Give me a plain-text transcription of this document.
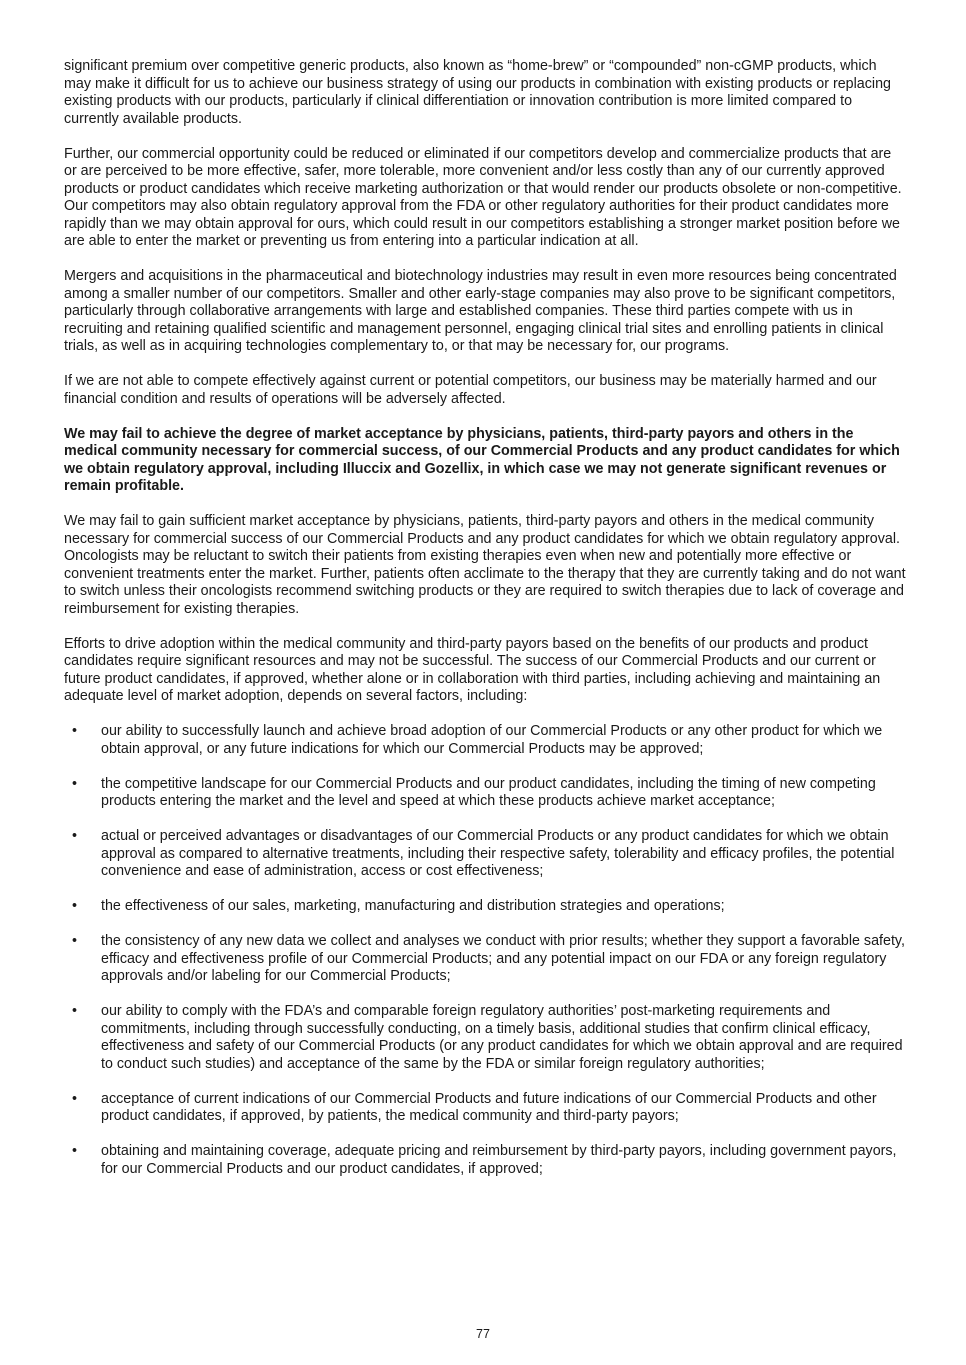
significant premium over competitive generic products, also known as “home-brew” or “compounded” non-cGMP products, which may make it difficult for us to achieve our business strategy of using our products in combination with existing products or replacing existing products with our products, particularly if clinical differentiation or innovation contribution is more limited compared to currently available products.

Further, our commercial opportunity could be reduced or eliminated if our competitors develop and commercialize products that are or are perceived to be more effective, safer, more tolerable, more convenient and/or less costly than any of our currently approved products or product candidates which receive marketing authorization or that would render our products obsolete or non-competitive. Our competitors may also obtain regulatory approval from the FDA or other regulatory authorities for their product candidates more rapidly than we may obtain approval for ours, which could result in our competitors establishing a stronger market position before we are able to enter the market or preventing us from entering into a particular indication at all.

Mergers and acquisitions in the pharmaceutical and biotechnology industries may result in even more resources being concentrated among a smaller number of our competitors. Smaller and other early-stage companies may also prove to be significant competitors, particularly through collaborative arrangements with large and established companies. These third parties compete with us in recruiting and retaining qualified scientific and management personnel, engaging clinical trial sites and enrolling patients in clinical trials, as well as in acquiring technologies complementary to, or that may be necessary for, our programs.

If we are not able to compete effectively against current or potential competitors, our business may be materially harmed and our financial condition and results of operations will be adversely affected.

We may fail to achieve the degree of market acceptance by physicians, patients, third-party payors and others in the medical community necessary for commercial success, of our Commercial Products and any product candidates for which we obtain regulatory approval, including Illuccix and Gozellix, in which case we may not generate significant revenues or remain profitable.

We may fail to gain sufficient market acceptance by physicians, patients, third-party payors and others in the medical community necessary for commercial success of our Commercial Products and any product candidates for which we obtain regulatory approval. Oncologists may be reluctant to switch their patients from existing therapies even when new and potentially more effective or convenient treatments enter the market. Further, patients often acclimate to the therapy that they are currently taking and do not want to switch unless their oncologists recommend switching products or they are required to switch therapies due to lack of coverage and reimbursement for existing therapies.

Efforts to drive adoption within the medical community and third-party payors based on the benefits of our products and product candidates require significant resources and may not be successful. The success of our Commercial Products and our current or future product candidates, if approved, whether alone or in collaboration with third parties, including achieving and maintaining an adequate level of market adoption, depends on several factors, including:

• our ability to successfully launch and achieve broad adoption of our Commercial Products or any other product for which we obtain approval, or any future indications for which our Commercial Products may be approved;
• the competitive landscape for our Commercial Products and our product candidates, including the timing of new competing products entering the market and the level and speed at which these products achieve market acceptance;
• actual or perceived advantages or disadvantages of our Commercial Products or any product candidates for which we obtain approval as compared to alternative treatments, including their respective safety, tolerability and efficacy profiles, the potential convenience and ease of administration, access or cost effectiveness;
• the effectiveness of our sales, marketing, manufacturing and distribution strategies and operations;
• the consistency of any new data we collect and analyses we conduct with prior results; whether they support a favorable safety, efficacy and effectiveness profile of our Commercial Products; and any potential impact on our FDA or any foreign regulatory approvals and/or labeling for our Commercial Products;
• our ability to comply with the FDA’s and comparable foreign regulatory authorities’ post-marketing requirements and commitments, including through successfully conducting, on a timely basis, additional studies that confirm clinical efficacy, effectiveness and safety of our Commercial Products (or any product candidates for which we obtain approval and are required to conduct such studies) and acceptance of the same by the FDA or similar foreign regulatory authorities;
• acceptance of current indications of our Commercial Products and future indications of our Commercial Products and other product candidates, if approved, by patients, the medical community and third-party payors;
• obtaining and maintaining coverage, adequate pricing and reimbursement by third-party payors, including government payors, for our Commercial Products and our product candidates, if approved;
77
